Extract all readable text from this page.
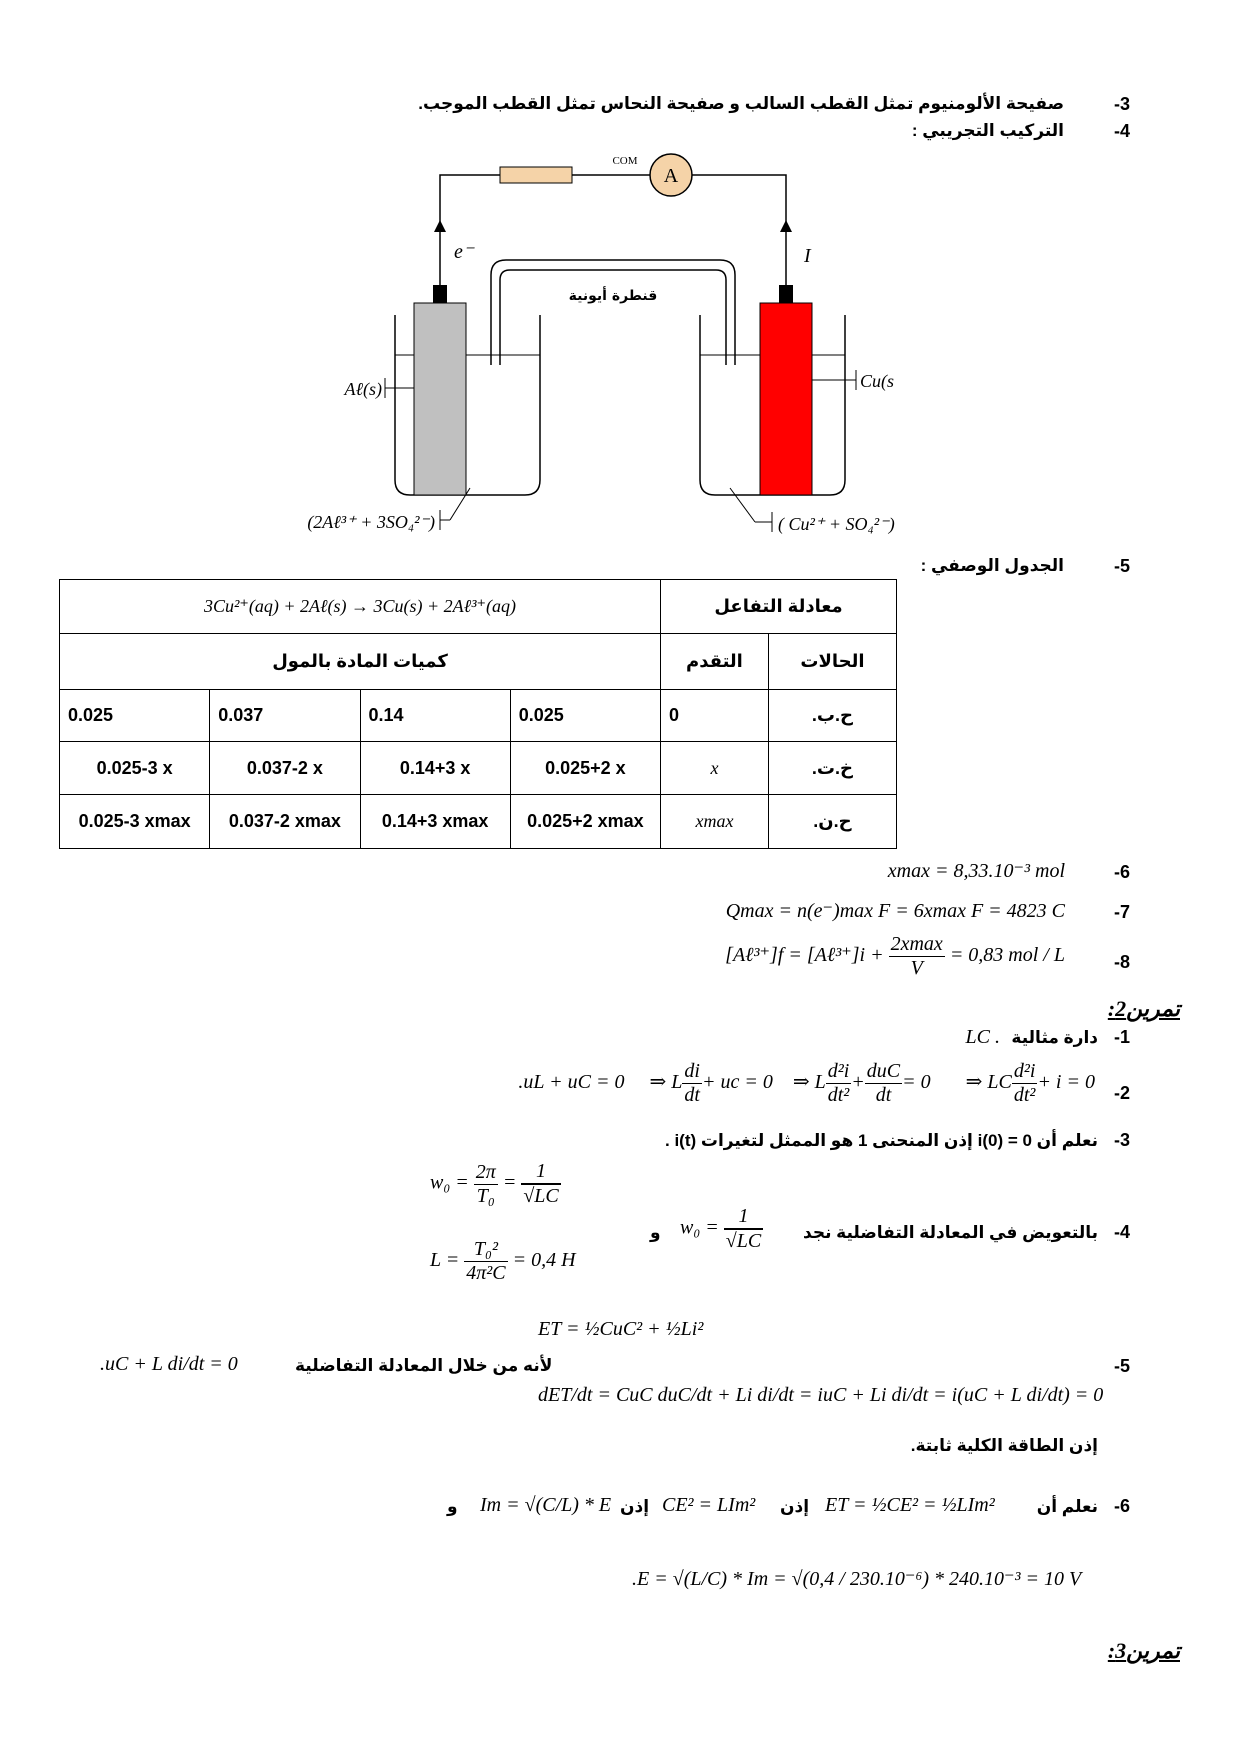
-3
صفيحة الألومنيوم تمثل القطب السالب و صفيحة النحاس تمثل القطب الموجب.
-4
التركيب التجريبي :
A
COM
e⁻	I
قنطرة أيونية
Aℓ(s)	Cu(s
(2Aℓ³⁺ + 3SO₄²⁻)	( Cu²⁺ + SO₄²⁻)
-5
الجدول الوصفي :
3Cu²⁺(aq) + 2Aℓ(s) → 3Cu(s) + 2Aℓ³⁺(aq)				معادلة التفاعل	
كميات المادة بالمول				التقدم	الحالات
0.025	0.037	0.14	0.025	0	ح.ب.
0.025-3 x	0.037-2 x	0.14+3 x	0.025+2 x	x	خ.ت.
0.025-3 xmax	0.037-2 xmax	0.14+3 xmax	0.025+2 xmax	xmax	ح.ن.
-6
xmax = 8,33.10⁻³ mol
-7
Qmax = n(e⁻)max F = 6xmax F = 4823 C
-8
[Aℓ³⁺]f = [Aℓ³⁺]i +
2xmax
V
= 0,83 mol / L
تمرين2:
-1
دارة مثالية
LC .
-2
.uL + uC = 0 ⇒ L $\frac{di}{dt}$ + uc = 0 ⇒ L $\frac{\text{d²i}}{\text{dt²}}$ +
duC
dt
= 0 ⇒ LC $\frac{\text{d²i}}{\text{dt²}} + i = 0$
-3
نعلم أن i(0) = 0 إذن المنحنى 1 هو الممثل لتغيرات i(t) .
-4
بالتعويض في المعادلة التفاضلية نجد
$w_0 = \frac{1}{√LC}$
و
$w_0 = \frac{2\pi}{\text{T₀}} = \frac{1}{√LC}$
$L = \frac{\text{T₀²}}{\text{4π²C}} = 0,4$ H
-5
ET = ½CuC² + ½Li²
dET/dt = CuC duC/dt + Li di/dt = iuC + Li di/dt = i(uC + L di/dt) = 0
لأنه من خلال المعادلة التفاضلية
.uC + L di/dt = 0
إذن الطاقة الكلية ثابتة.
-6
نعلم أن
ET = ½CE² = ½LIm²
إذن
CE² = LIm²
إذن
Im = √(C/L) * E
و
.E = √(L/C) * Im = √(0,4 / 230.10⁻⁶) * 240.10⁻³ = 10 V
تمرين3:
